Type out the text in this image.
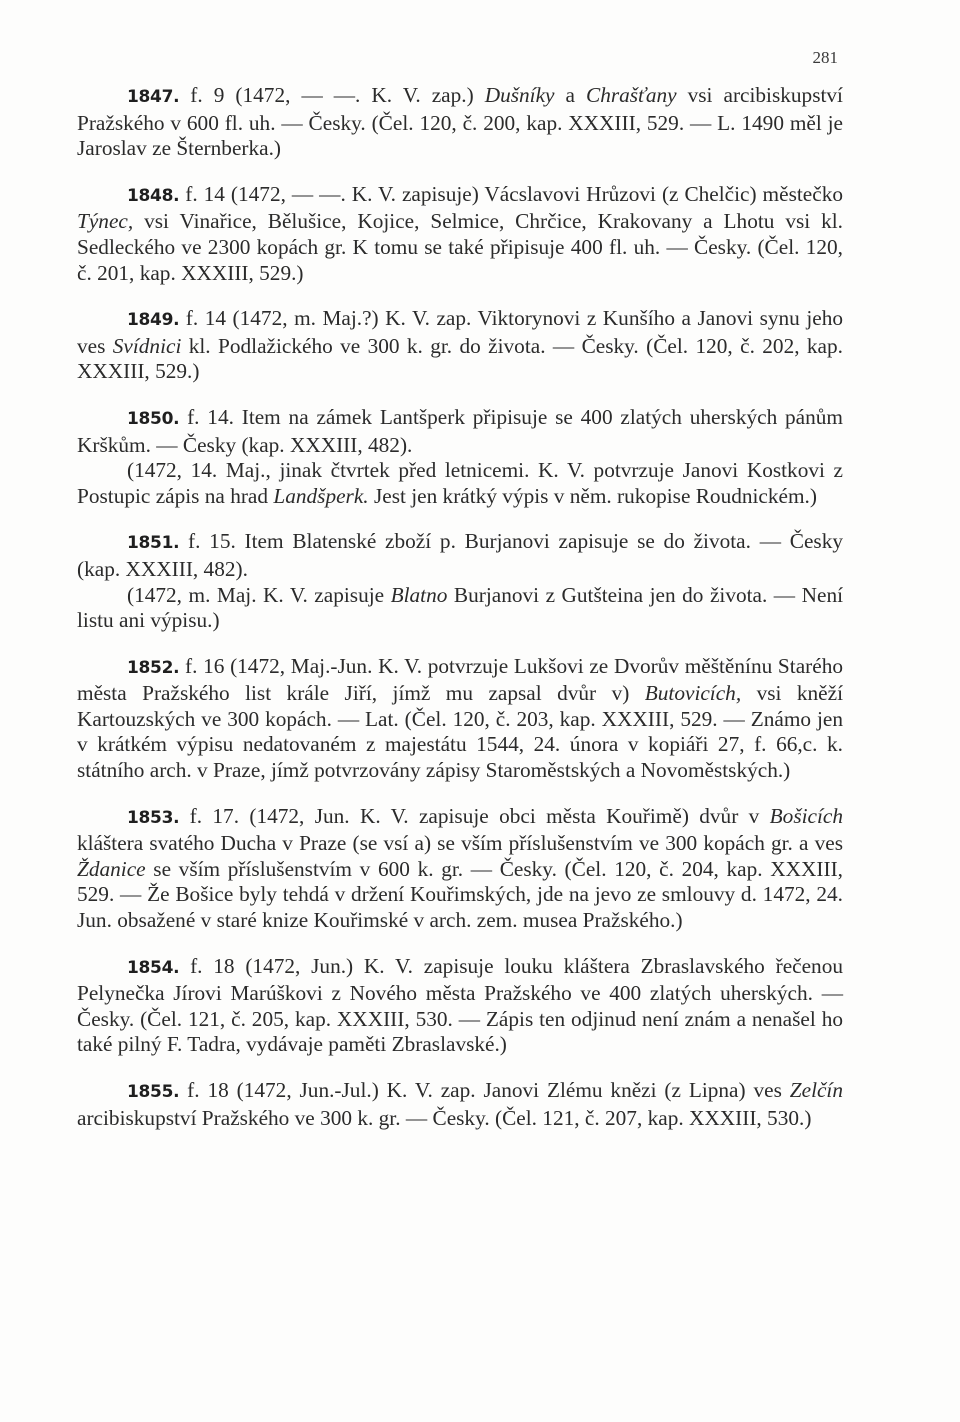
281

1847. f. 9 (1472, — —. K. V. zap.) Dušníky a Chrašťany vsi arcibiskupství Pražského v 600 fl. uh. — Česky. (Čel. 120, č. 200, kap. XXXIII, 529. — L. 1490 měl je Jaroslav ze Šternberka.)

1848. f. 14 (1472, — —. K. V. zapisuje) Vácslavovi Hrůzovi (z Chelčic) městečko Týnec, vsi Vinařice, Bělušice, Kojice, Selmice, Chrčice, Krakovany a Lhotu vsi kl. Sedleckého ve 2300 kopách gr. K tomu se také připisuje 400 fl. uh. — Česky. (Čel. 120, č. 201, kap. XXXIII, 529.)

1849. f. 14 (1472, m. Maj.?) K. V. zap. Viktorynovi z Kunšího a Janovi synu jeho ves Svídnici kl. Podlažického ve 300 k. gr. do života. — Česky. (Čel. 120, č. 202, kap. XXXIII, 529.)

1850. f. 14. Item na zámek Lantšperk připisuje se 400 zlatých uherských pánům Krškům. — Česky (kap. XXXIII, 482).

(1472, 14. Maj., jinak čtvrtek před letnicemi. K. V. potvrzuje Janovi Kostkovi z Postupic zápis na hrad Landšperk. Jest jen krátký výpis v něm. rukopise Roudnickém.)

1851. f. 15. Item Blatenské zboží p. Burjanovi zapisuje se do života. — Česky (kap. XXXIII, 482).

(1472, m. Maj. K. V. zapisuje Blatno Burjanovi z Gutšteina jen do života. — Není listu ani výpisu.)

1852. f. 16 (1472, Maj.-Jun. K. V. potvrzuje Lukšovi ze Dvorův měštěnínu Starého města Pražského list krále Jiří, jímž mu zapsal dvůr v) Butovicích, vsi kněží Kartouzských ve 300 kopách. — Lat. (Čel. 120, č. 203, kap. XXXIII, 529. — Známo jen v krátkém výpisu nedatovaném z majestátu 1544, 24. února v kopiáři 27, f. 66,c. k. státního arch. v Praze, jímž potvrzovány zápisy Staroměstských a Novoměstských.)

1853. f. 17. (1472, Jun. K. V. zapisuje obci města Kouřimě) dvůr v Bošicích kláštera svatého Ducha v Praze (se vsí a) se vším příslušenstvím ve 300 kopách gr. a ves Ždanice se vším příslušenstvím v 600 k. gr. — Česky. (Čel. 120, č. 204, kap. XXXIII, 529. — Že Bošice byly tehdá v držení Kouřimských, jde na jevo ze smlouvy d. 1472, 24. Jun. obsažené v staré knize Kouřimské v arch. zem. musea Pražského.)

1854. f. 18 (1472, Jun.) K. V. zapisuje louku kláštera Zbraslavského řečenou Pelynečka Jírovi Marúškovi z Nového města Pražského ve 400 zlatých uherských. — Česky. (Čel. 121, č. 205, kap. XXXIII, 530. — Zápis ten odjinud není znám a nenašel ho také pilný F. Tadra, vydávaje paměti Zbraslavské.)

1855. f. 18 (1472, Jun.-Jul.) K. V. zap. Janovi Zlému knězi (z Lipna) ves Zelčín arcibiskupství Pražského ve 300 k. gr. — Česky. (Čel. 121, č. 207, kap. XXXIII, 530.)
